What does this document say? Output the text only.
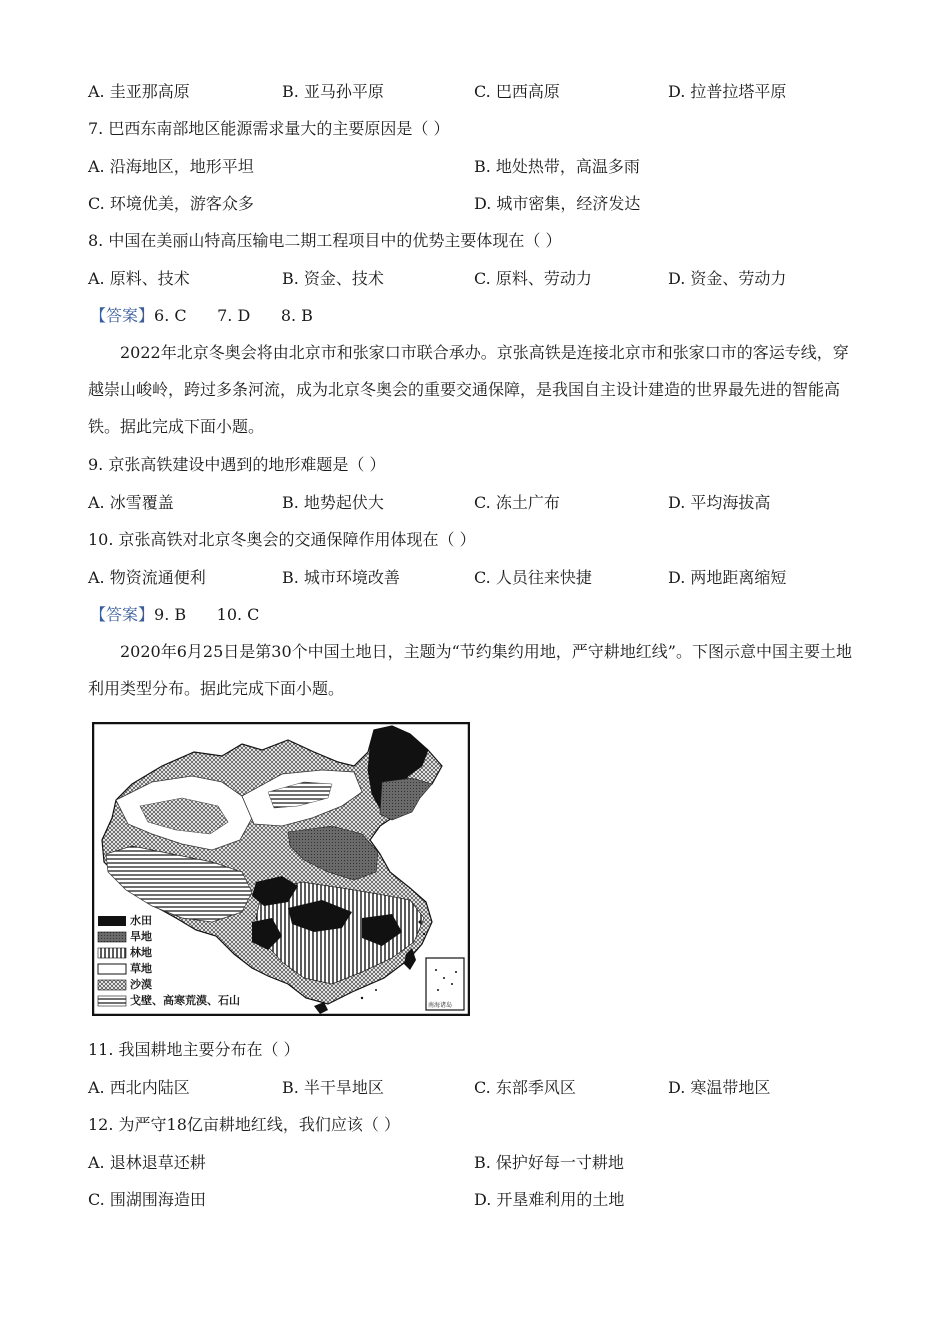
A. 圭亚那高原	B. 亚马孙平原	C. 巴西高原	D. 拉普拉塔平原
7. 巴西东南部地区能源需求量大的主要原因是（ ）
A. 沿海地区，地形平坦	B. 地处热带，高温多雨
C. 环境优美，游客众多	D. 城市密集，经济发达
8. 中国在美丽山特高压输电二期工程项目中的优势主要体现在（ ）
A. 原料、技术	B. 资金、技术	C. 原料、劳动力	D. 资金、劳动力
【答案】6. C      7. D      8. B
2022年北京冬奥会将由北京市和张家口市联合承办。京张高铁是连接北京市和张家口市的客运专线，穿越崇山峻岭，跨过多条河流，成为北京冬奥会的重要交通保障，是我国自主设计建造的世界最先进的智能高铁。据此完成下面小题。
9. 京张高铁建设中遇到的地形难题是（ ）
A. 冰雪覆盖	B. 地势起伏大	C. 冻土广布	D. 平均海拔高
10. 京张高铁对北京冬奥会的交通保障作用体现在（ ）
A. 物资流通便利	B. 城市环境改善	C. 人员往来快捷	D. 两地距离缩短
【答案】9. B      10. C
2020年6月25日是第30个中国土地日，主题为“节约集约用地，严守耕地红线”。下图示意中国主要土地利用类型分布。据此完成下面小题。
水田
旱地
林地
草地
沙漠
戈壁、高寒荒漠、石山	南海诸岛
11. 我国耕地主要分布在（ ）
A. 西北内陆区	B. 半干旱地区	C. 东部季风区	D. 寒温带地区
12. 为严守18亿亩耕地红线，我们应该（ ）
A. 退林退草还耕	B. 保护好每一寸耕地
C. 围湖围海造田	D. 开垦难利用的土地
